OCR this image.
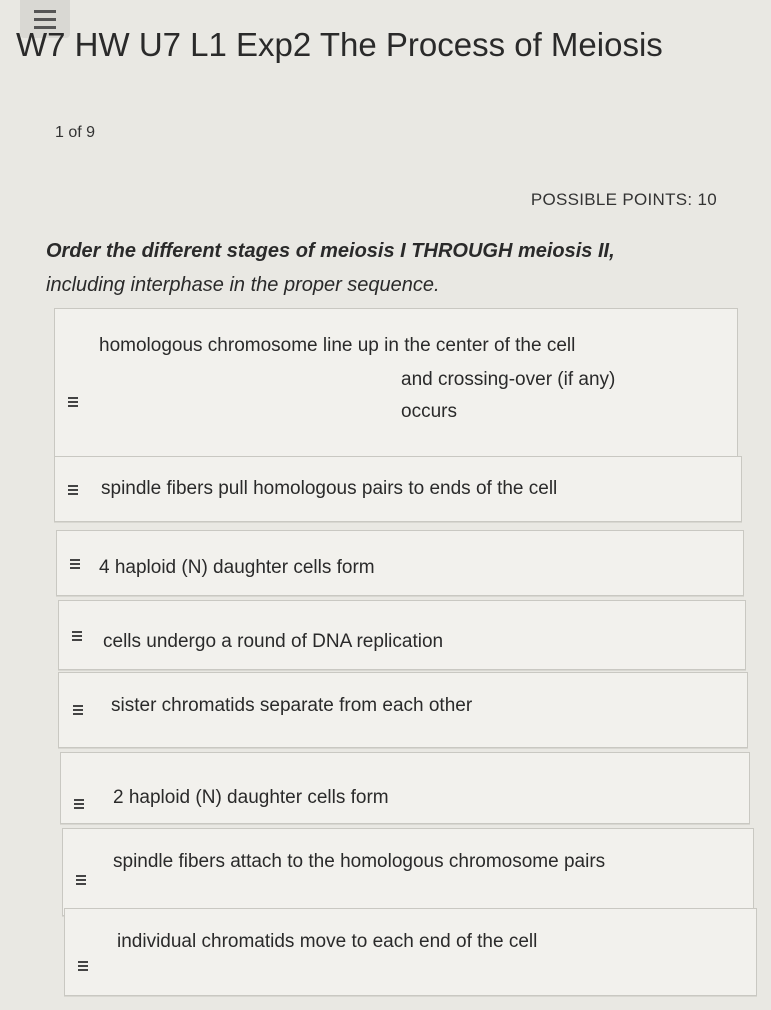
W7 HW U7 L1 Exp2 The Process of Meiosis
1 of 9
POSSIBLE POINTS: 10
Order the different stages of meiosis I THROUGH meiosis II,
including interphase in the proper sequence.
homologous chromosome line up in the center of the cell
and crossing-over (if any)
occurs
spindle fibers pull homologous pairs to ends of the cell
4 haploid (N) daughter cells form
cells undergo a round of DNA replication
sister chromatids separate from each other
2 haploid (N) daughter cells form
spindle fibers attach to the homologous chromosome pairs
individual chromatids move to each end of the cell
